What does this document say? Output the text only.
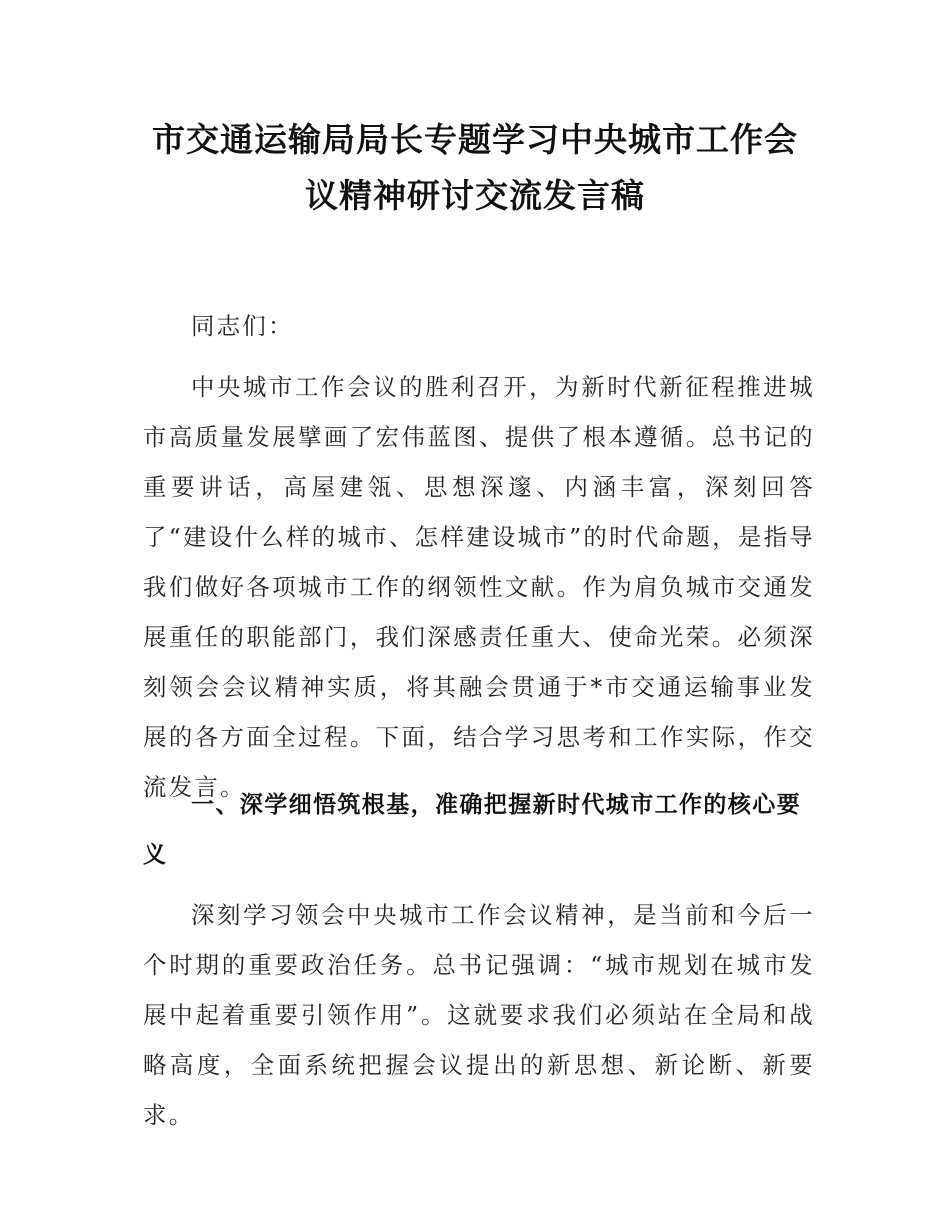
市交通运输局局长专题学习中央城市工作会
议精神研讨交流发言稿

同志们：

中央城市工作会议的胜利召开，为新时代新征程推进城市高质量发展擘画了宏伟蓝图、提供了根本遵循。总书记的重要讲话，高屋建瓴、思想深邃、内涵丰富，深刻回答了“建设什么样的城市、怎样建设城市”的时代命题，是指导我们做好各项城市工作的纲领性文献。作为肩负城市交通发展重任的职能部门，我们深感责任重大、使命光荣。必须深刻领会会议精神实质，将其融会贯通于*市交通运输事业发展的各方面全过程。下面，结合学习思考和工作实际，作交流发言。

一、深学细悟筑根基，准确把握新时代城市工作的核心要义

深刻学习领会中央城市工作会议精神，是当前和今后一个时期的重要政治任务。总书记强调：“城市规划在城市发展中起着重要引领作用”。这就要求我们必须站在全局和战略高度，全面系统把握会议提出的新思想、新论断、新要求。
